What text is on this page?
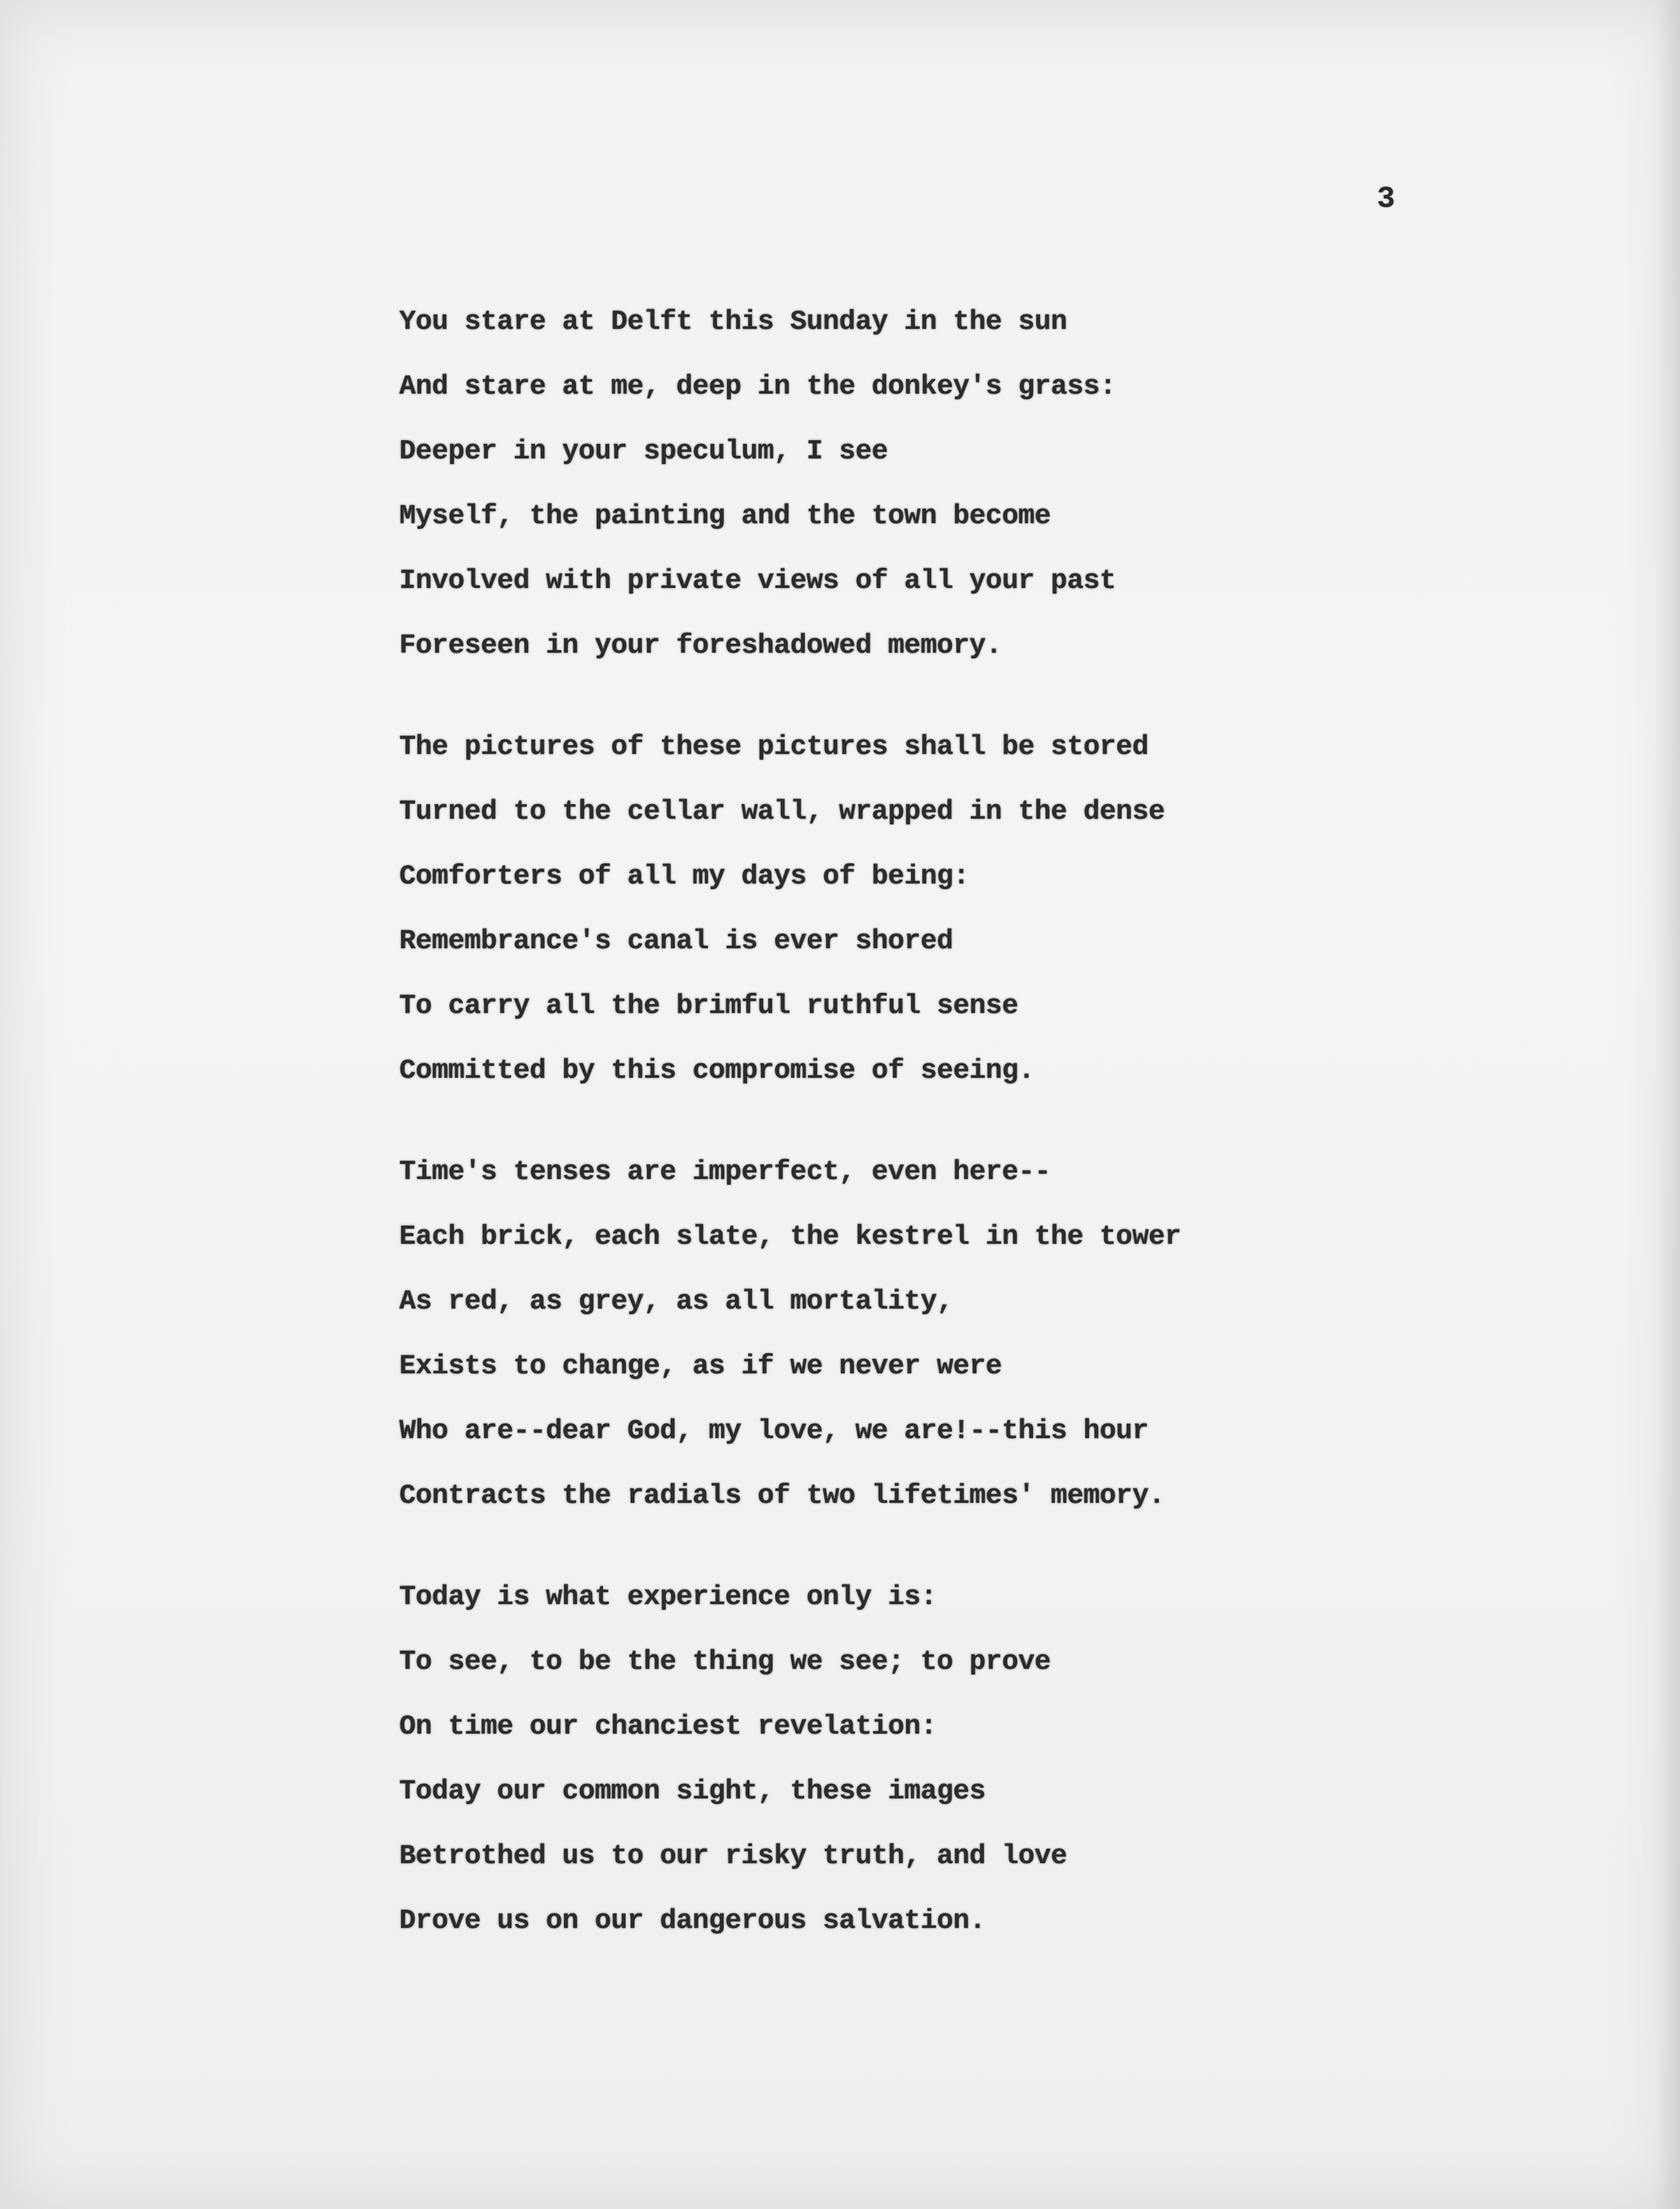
3
You stare at Delft this Sunday in the sun
And stare at me, deep in the donkey's grass:
Deeper in your speculum, I see
Myself, the painting and the town become
Involved with private views of all your past
Foreseen in your foreshadowed memory.
The pictures of these pictures shall be stored
Turned to the cellar wall, wrapped in the dense
Comforters of all my days of being:
Remembrance's canal is ever shored
To carry all the brimful ruthful sense
Committed by this compromise of seeing.
Time's tenses are imperfect, even here--
Each brick, each slate, the kestrel in the tower
As red, as grey, as all mortality,
Exists to change, as if we never were
Who are--dear God, my love, we are!--this hour
Contracts the radials of two lifetimes' memory.
Today is what experience only is:
To see, to be the thing we see; to prove
On time our chanciest revelation:
Today our common sight, these images
Betrothed us to our risky truth, and love
Drove us on our dangerous salvation.
